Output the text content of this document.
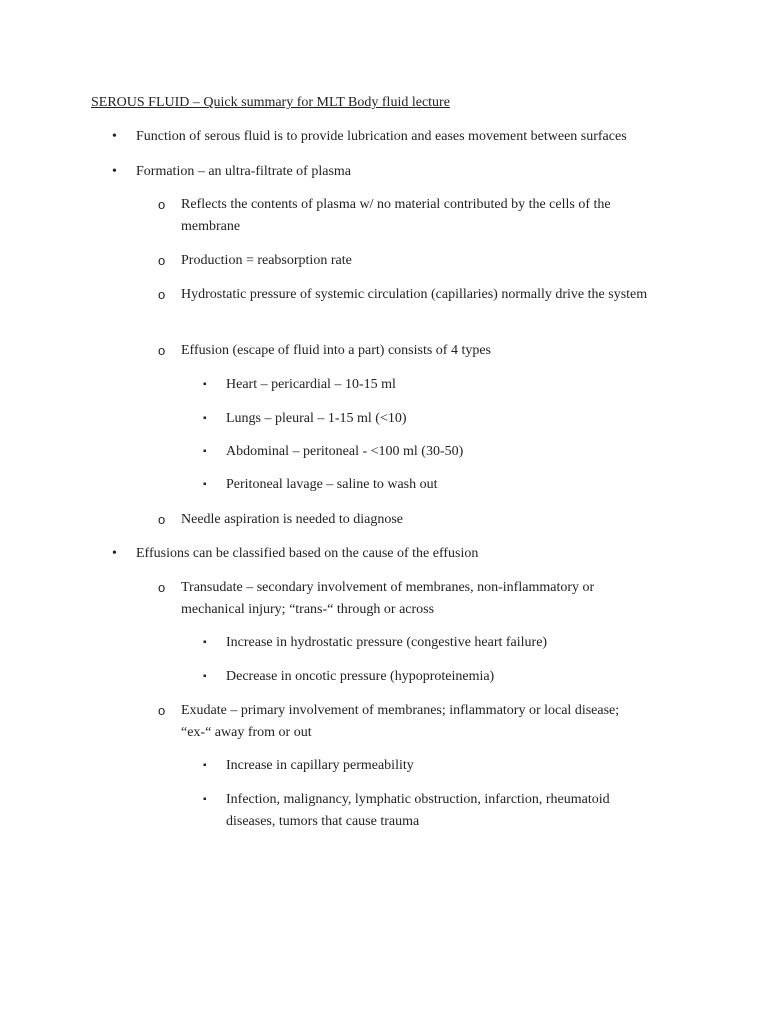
SEROUS FLUID – Quick summary for MLT Body fluid lecture
• Function of serous fluid is to provide lubrication and eases movement between surfaces
• Formation – an ultra-filtrate of plasma
o Reflects the contents of plasma w/ no material contributed by the cells of the membrane
o Production = reabsorption rate
o Hydrostatic pressure of systemic circulation (capillaries) normally drive the system
o Effusion (escape of fluid into a part) consists of 4 types
▪ Heart – pericardial – 10-15 ml
▪ Lungs – pleural – 1-15 ml (<10)
▪ Abdominal – peritoneal - <100 ml (30-50)
▪ Peritoneal lavage – saline to wash out
o Needle aspiration is needed to diagnose
• Effusions can be classified based on the cause of the effusion
o Transudate – secondary involvement of membranes, non-inflammatory or mechanical injury; “trans-“ through or across
▪ Increase in hydrostatic pressure (congestive heart failure)
▪ Decrease in oncotic pressure (hypoproteinemia)
o Exudate – primary involvement of membranes; inflammatory or local disease; “ex-“ away from or out
▪ Increase in capillary permeability
▪ Infection, malignancy, lymphatic obstruction, infarction, rheumatoid diseases, tumors that cause trauma
